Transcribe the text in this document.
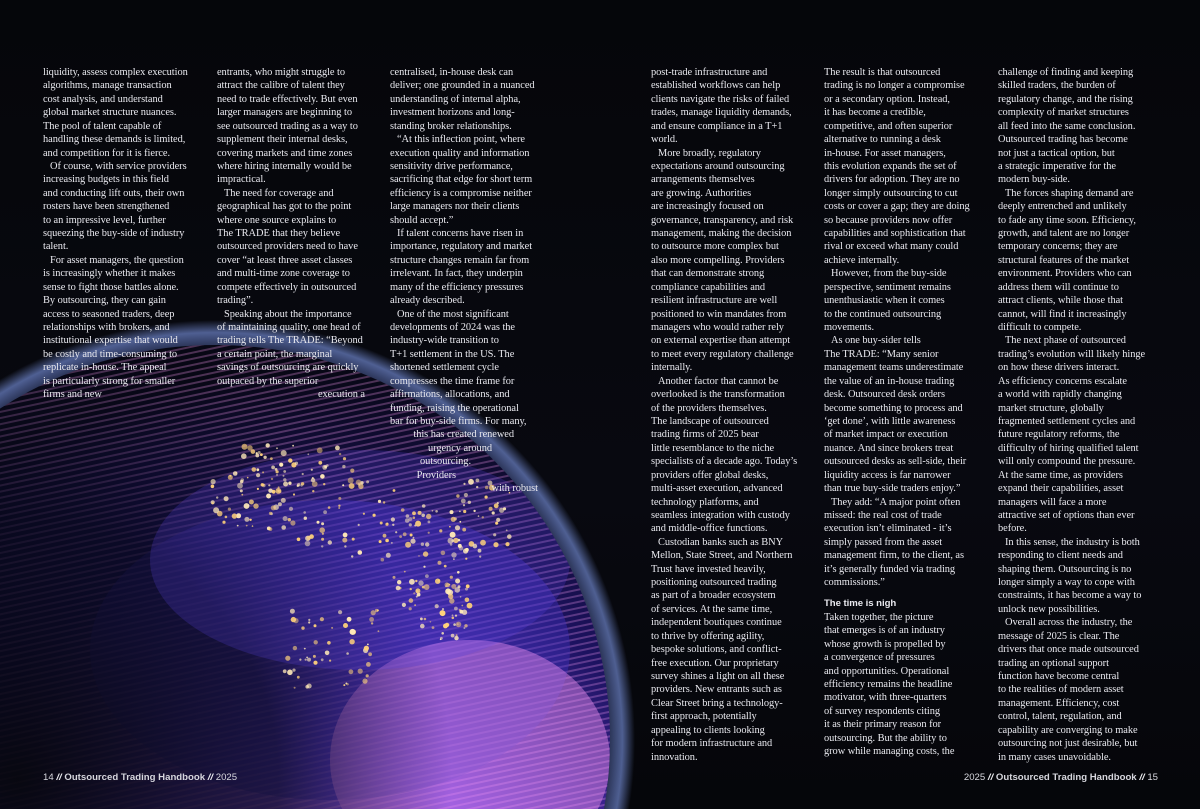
liquidity, assess complex execution
algorithms, manage transaction
cost analysis, and understand
global market structure nuances.
The pool of talent capable of
handling these demands is limited,
and competition for it is fierce.
Of course, with service providers
increasing budgets in this field
and conducting lift outs, their own
rosters have been strengthened
to an impressive level, further
squeezing the buy-side of industry
talent.
For asset managers, the question
is increasingly whether it makes
sense to fight those battles alone.
By outsourcing, they can gain
access to seasoned traders, deep
relationships with brokers, and
institutional expertise that would
be costly and time-consuming to
replicate in-house. The appeal
is particularly strong for smaller
firms and new
entrants, who might struggle to
attract the calibre of talent they
need to trade effectively. But even
larger managers are beginning to
see outsourced trading as a way to
supplement their internal desks,
covering markets and time zones
where hiring internally would be
impractical.
The need for coverage and
geographical has got to the point
where one source explains to
The TRADE that they believe
outsourced providers need to have
cover “at least three asset classes
and multi-time zone coverage to
compete effectively in outsourced
trading”.
Speaking about the importance
of maintaining quality, one head of
trading tells The TRADE: “Beyond
a certain point, the marginal
savings of outsourcing are quickly
outpaced by the superior
execution a
centralised, in-house desk can
deliver; one grounded in a nuanced
understanding of internal alpha,
investment horizons and long-
standing broker relationships.
“At this inflection point, where
execution quality and information
sensitivity drive performance,
sacrificing that edge for short term
efficiency is a compromise neither
large managers nor their clients
should accept.”
If talent concerns have risen in
importance, regulatory and market
structure changes remain far from
irrelevant. In fact, they underpin
many of the efficiency pressures
already described.
One of the most significant
developments of 2024 was the
industry-wide transition to
T+1 settlement in the US. The
shortened settlement cycle
compresses the time frame for
affirmations, allocations, and
funding, raising the operational
bar for buy-side firms. For many,
this has created renewed
urgency around
outsourcing.
Providers
with robust
post-trade infrastructure and
established workflows can help
clients navigate the risks of failed
trades, manage liquidity demands,
and ensure compliance in a T+1
world.
More broadly, regulatory
expectations around outsourcing
arrangements themselves
are growing. Authorities
are increasingly focused on
governance, transparency, and risk
management, making the decision
to outsource more complex but
also more compelling. Providers
that can demonstrate strong
compliance capabilities and
resilient infrastructure are well
positioned to win mandates from
managers who would rather rely
on external expertise than attempt
to meet every regulatory challenge
internally.
Another factor that cannot be
overlooked is the transformation
of the providers themselves.
The landscape of outsourced
trading firms of 2025 bear
little resemblance to the niche
specialists of a decade ago. Today’s
providers offer global desks,
multi-asset execution, advanced
technology platforms, and
seamless integration with custody
and middle-office functions.
Custodian banks such as BNY
Mellon, State Street, and Northern
Trust have invested heavily,
positioning outsourced trading
as part of a broader ecosystem
of services. At the same time,
independent boutiques continue
to thrive by offering agility,
bespoke solutions, and conflict-
free execution. Our proprietary
survey shines a light on all these
providers. New entrants such as
Clear Street bring a technology-
first approach, potentially
appealing to clients looking
for modern infrastructure and
innovation.
The result is that outsourced
trading is no longer a compromise
or a secondary option. Instead,
it has become a credible,
competitive, and often superior
alternative to running a desk
in-house. For asset managers,
this evolution expands the set of
drivers for adoption. They are no
longer simply outsourcing to cut
costs or cover a gap; they are doing
so because providers now offer
capabilities and sophistication that
rival or exceed what many could
achieve internally.
However, from the buy-side
perspective, sentiment remains
unenthusiastic when it comes
to the continued outsourcing
movements.
As one buy-sider tells
The TRADE: “Many senior
management teams underestimate
the value of an in-house trading
desk. Outsourced desk orders
become something to process and
‘get done’, with little awareness
of market impact or execution
nuance. And since brokers treat
outsourced desks as sell-side, their
liquidity access is far narrower
than true buy-side traders enjoy.”
They add: “A major point often
missed: the real cost of trade
execution isn’t eliminated - it’s
simply passed from the asset
management firm, to the client, as
it’s generally funded via trading
commissions.”
The time is nigh
Taken together, the picture
that emerges is of an industry
whose growth is propelled by
a convergence of pressures
and opportunities. Operational
efficiency remains the headline
motivator, with three-quarters
of survey respondents citing
it as their primary reason for
outsourcing. But the ability to
grow while managing costs, the
challenge of finding and keeping
skilled traders, the burden of
regulatory change, and the rising
complexity of market structures
all feed into the same conclusion.
Outsourced trading has become
not just a tactical option, but
a strategic imperative for the
modern buy-side.
The forces shaping demand are
deeply entrenched and unlikely
to fade any time soon. Efficiency,
growth, and talent are no longer
temporary concerns; they are
structural features of the market
environment. Providers who can
address them will continue to
attract clients, while those that
cannot, will find it increasingly
difficult to compete.
The next phase of outsourced
trading’s evolution will likely hinge
on how these drivers interact.
As efficiency concerns escalate
a world with rapidly changing
market structure, globally
fragmented settlement cycles and
future regulatory reforms, the
difficulty of hiring qualified talent
will only compound the pressure.
At the same time, as providers
expand their capabilities, asset
managers will face a more
attractive set of options than ever
before.
In this sense, the industry is both
responding to client needs and
shaping them. Outsourcing is no
longer simply a way to cope with
constraints, it has become a way to
unlock new possibilities.
Overall across the industry, the
message of 2025 is clear. The
drivers that once made outsourced
trading an optional support
function have become central
to the realities of modern asset
management. Efficiency, cost
control, talent, regulation, and
capability are converging to make
outsourcing not just desirable, but
in many cases unavoidable.
14 // Outsourced Trading Handbook // 2025	2025 // Outsourced Trading Handbook // 15
